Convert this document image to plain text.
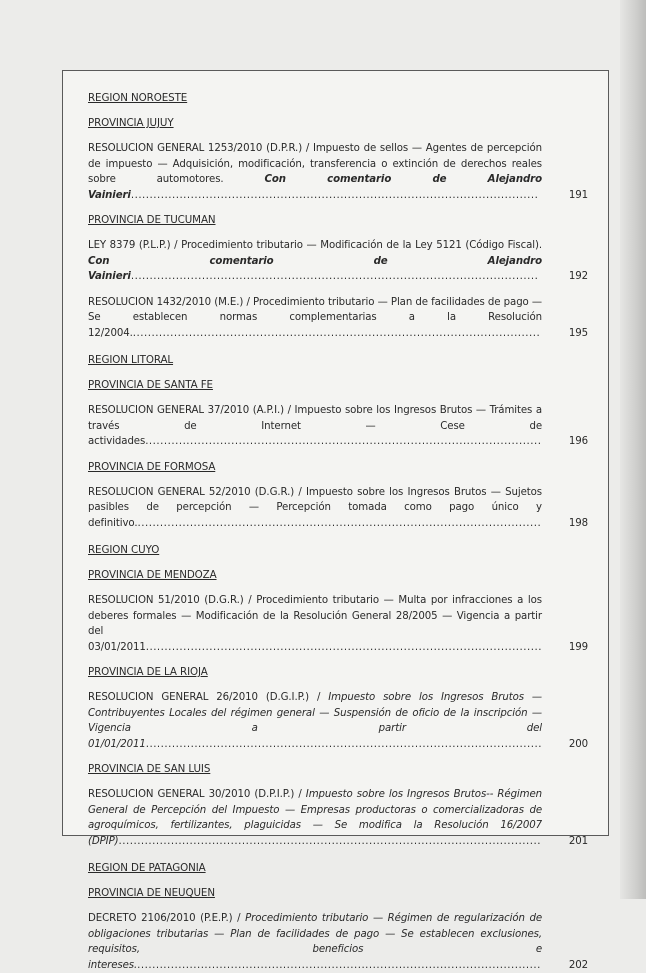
REGION NOROESTE
PROVINCIA JUJUY
RESOLUCION GENERAL 1253/2010 (D.P.R.) / Impuesto de sellos — Agentes de percepción de impuesto — Adquisición, modificación, transferencia o extinción de derechos reales sobre automotores.	Con comentario de Alejandro Vainieri.............................................................................................................	191
PROVINCIA DE TUCUMAN
LEY 8379 (P.L.P.) / Procedimiento tributario — Modificación de la Ley 5121 (Código Fiscal). Con comentario de Alejandro Vainieri.............................................................................................................	192
RESOLUCION 1432/2010 (M.E.) / Procedimiento tributario — Plan de facilidades de pago — Se establecen normas complementarias a la Resolución 12/2004..............................................................................................................	195
REGION LITORAL
PROVINCIA DE SANTA FE
RESOLUCION GENERAL 37/2010 (A.P.I.) / Impuesto sobre los Ingresos Brutos — Trámites a través de Internet — Cese de actividades..........................................................................................................	196
PROVINCIA DE FORMOSA
RESOLUCION GENERAL 52/2010 (D.G.R.) / Impuesto sobre los Ingresos Brutos — Sujetos pasibles de percepción — Percepción tomada como pago único y definitivo.............................................................................................................	198
REGION CUYO
PROVINCIA DE MENDOZA
RESOLUCION 51/2010 (D.G.R.) / Procedimiento tributario — Multa por infracciones a los deberes formales — Modificación de la Resolución General 28/2005 — Vigencia a partir del 03/01/2011..........................................................................................................	199
PROVINCIA DE LA RIOJA
RESOLUCION GENERAL 26/2010 (D.G.I.P.) / Impuesto sobre los Ingresos Brutos — Contribuyentes Locales del régimen general — Suspensión de oficio de la inscripción — Vigencia a partir del 01/01/2011..........................................................................................................	200
PROVINCIA DE SAN LUIS
RESOLUCION GENERAL 30/2010 (D.P.I.P.) / Impuesto sobre los Ingresos Brutos-- Régimen General de Percepción del Impuesto — Empresas productoras o comercializadoras de agroquímicos, fertilizantes, plaguicidas — Se modifica la Resolución 16/2007 (DPIP).................................................................................................................	201
REGION DE PATAGONIA
PROVINCIA DE NEUQUEN
DECRETO 2106/2010 (P.E.P.) / Procedimiento tributario — Régimen de regularización de obligaciones tributarias — Plan de facilidades de pago — Se establecen exclusiones, requisitos, beneficios e intereses.............................................................................................................	202
